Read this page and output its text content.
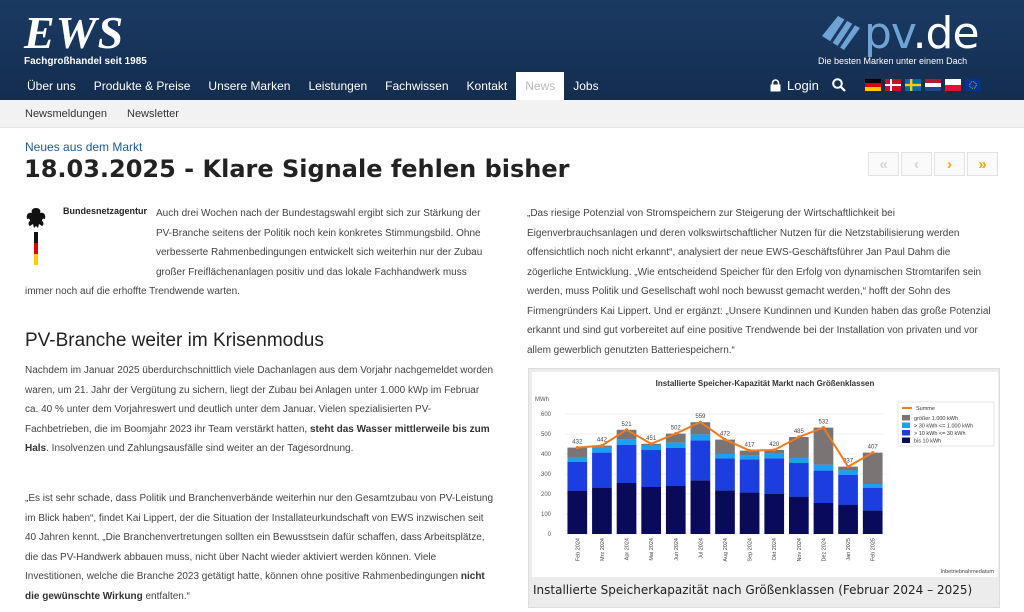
EWS
Fachgroßhandel seit 1985
pv.de
Die besten Marken unter einem Dach
Über uns	Produkte & Preise	Unsere Marken	Leistungen	Fachwissen	Kontakt	News	Jobs	Login
Newsmeldungen Newsletter
Neues aus dem Markt
18.03.2025 - Klare Signale fehlen bisher	«	‹	›	»
Bundesnetzagentur Auch drei Wochen nach der Bundestagswahl ergibt sich zur Stärkung der PV-Branche seitens der Politik noch kein konkretes Stimmungsbild. Ohne verbesserte Rahmenbedingungen entwickelt sich weiterhin nur der Zubau großer Freiflächenanlagen positiv und das lokale Fachhandwerk muss immer noch auf die erhoffte Trendwende warten.
PV-Branche weiter im Krisenmodus
Nachdem im Januar 2025 überdurchschnittlich viele Dachanlagen aus dem Vorjahr nachgemeldet worden waren, um 21. Jahr der Vergütung zu sichern, liegt der Zubau bei Anlagen unter 1.000 kWp im Februar ca. 40 % unter dem Vorjahreswert und deutlich unter dem Januar. Vielen spezialisierten PV-Fachbetrieben, die im Boomjahr 2023 ihr Team verstärkt hatten, steht das Wasser mittlerweile bis zum Hals. Insolvenzen und Zahlungsausfälle sind weiter an der Tagesordnung.
„Es ist sehr schade, dass Politik und Branchenverbände weiterhin nur den Gesamtzubau von PV-Leistung im Blick haben“, findet Kai Lippert, der die Situation der Installateurkundschaft von EWS inzwischen seit 40 Jahren kennt. „Die Branchenvertretungen sollten ein Bewusstsein dafür schaffen, dass Arbeitsplätze, die das PV-Handwerk abbauen muss, nicht über Nacht wieder aktiviert werden können. Viele Investitionen, welche die Branche 2023 getätigt hatte, können ohne positive Rahmenbedingungen nicht die gewünschte Wirkung entfalten.“
„Das riesige Potenzial von Stromspeichern zur Steigerung der Wirtschaftlichkeit bei Eigenverbrauchsanlagen und deren volkswirtschaftlicher Nutzen für die Netzstabilisierung werden offensichtlich noch nicht erkannt“, analysiert der neue EWS-Geschäftsführer Jan Paul Dahm die zögerliche Entwicklung. „Wie entscheidend Speicher für den Erfolg von dynamischen Stromtarifen sein werden, muss Politik und Gesellschaft wohl noch bewusst gemacht werden,“ hofft der Sohn des Firmengründers Kai Lippert. Und er ergänzt: „Unsere Kundinnen und Kunden haben das große Potenzial erkannt und sind gut vorbereitet auf eine positive Trendwende bei der Installation von privaten und vor allem gewerblich genutzten Batteriespeichern.“
Installierte Speicher-Kapazität Markt nach Größenklassen
MWh
0
100
200
300
400
500
600
432
Feb 2024
442
Mrz 2024
521
Apr 2024
451
Mai 2024
502
Jun 2024
559
Jul 2024
472
Aug 2024
417
Sep 2024
420
Okt 2024
485
Nov 2024
532
Dez 2024
337
Jan 2025
407
Feb 2025
Summe
größer 1.000 kWh
> 30 kWh <= 1.000 kWh
> 10 kWh <= 30 kWh
bis 10 kWh
Inbetriebnahmedatum
Installierte Speicherkapazität nach Größenklassen (Februar 2024 – 2025)
